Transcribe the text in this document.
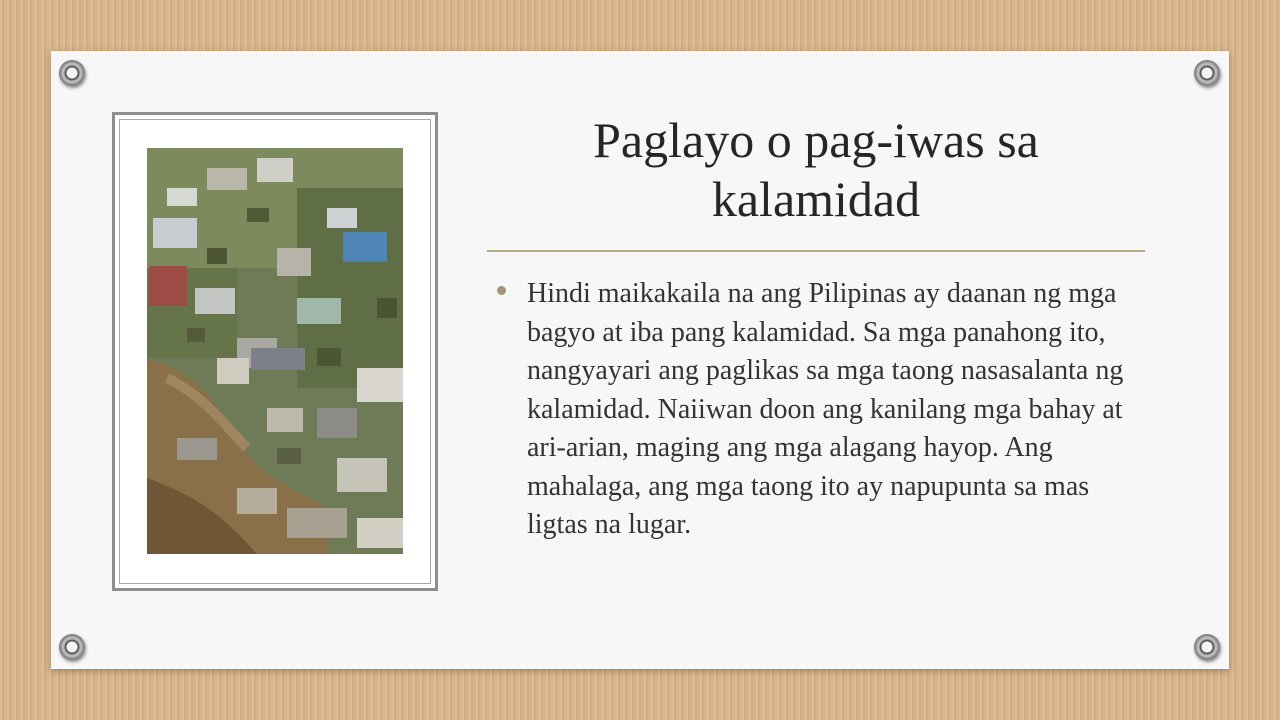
Paglayo o pag-iwas sa kalamidad
Hindi maikakaila na ang Pilipinas ay daanan ng mga bagyo at iba pang kalamidad. Sa mga panahong ito, nangyayari ang paglikas sa mga taong nasasalanta ng kalamidad. Naiiwan doon ang kanilang mga bahay at ari-arian, maging ang mga alagang hayop. Ang mahalaga, ang mga taong ito ay napupunta sa mas ligtas na lugar.
